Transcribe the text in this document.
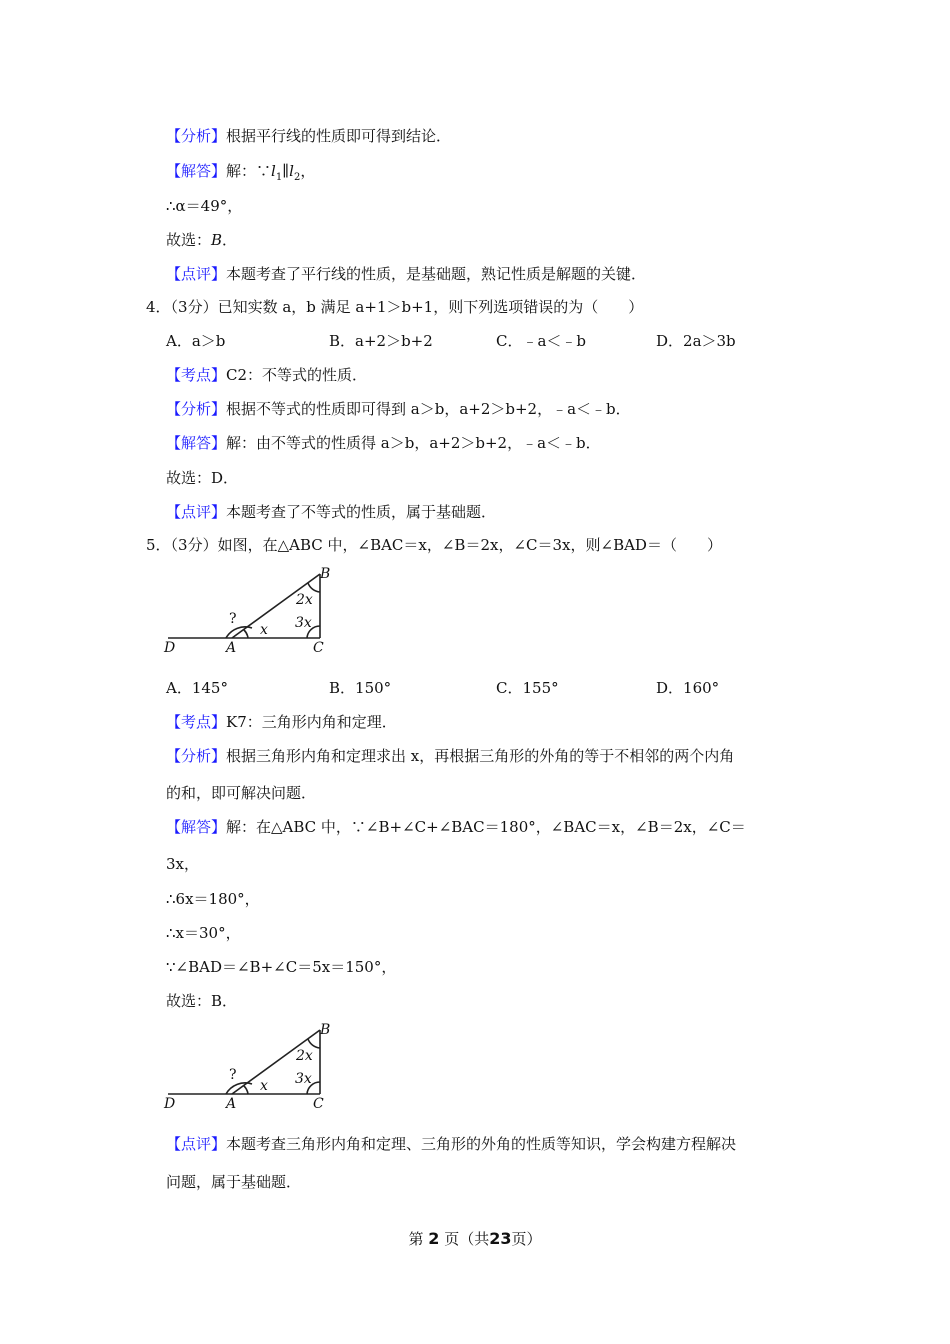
【分析】根据平行线的性质即可得到结论．
【解答】解：$\because l_1\parallel l_2$，
∴α＝49°，
故选：B．
【点评】本题考查了平行线的性质，是基础题，熟记性质是解题的关键．
4．（3分）已知实数 a，b 满足 a+1＞b+1，则下列选项错误的为（　　）
A．a＞b	B．a+2＞b+2	C．﹣a＜﹣b	D．2a＞3b
【考点】C2：不等式的性质．
【分析】根据不等式的性质即可得到 a＞b，a+2＞b+2，﹣a＜﹣b．
【解答】解：由不等式的性质得 a＞b，a+2＞b+2，﹣a＜﹣b．
故选：D．
【点评】本题考查了不等式的性质，属于基础题．
5．（3分）如图，在△ABC 中，∠BAC＝x，∠B＝2x，∠C＝3x，则∠BAD＝（　　）
B
2x
3x
x
?
D	A	C
A．145°	B．150°	C．155°	D．160°
【考点】K7：三角形内角和定理．
【分析】根据三角形内角和定理求出 x，再根据三角形的外角的等于不相邻的两个内角
的和，即可解决问题．
【解答】解：在△ABC 中，∵∠B+∠C+∠BAC＝180°，∠BAC＝x，∠B＝2x，∠C＝
3x，
∴6x＝180°，
∴x＝30°，
∵∠BAD＝∠B+∠C＝5x＝150°，
故选：B．
B
2x
3x
x
?
D	A	C
【点评】本题考查三角形内角和定理、三角形的外角的性质等知识，学会构建方程解决
问题，属于基础题．
第 2 页（共23页）
